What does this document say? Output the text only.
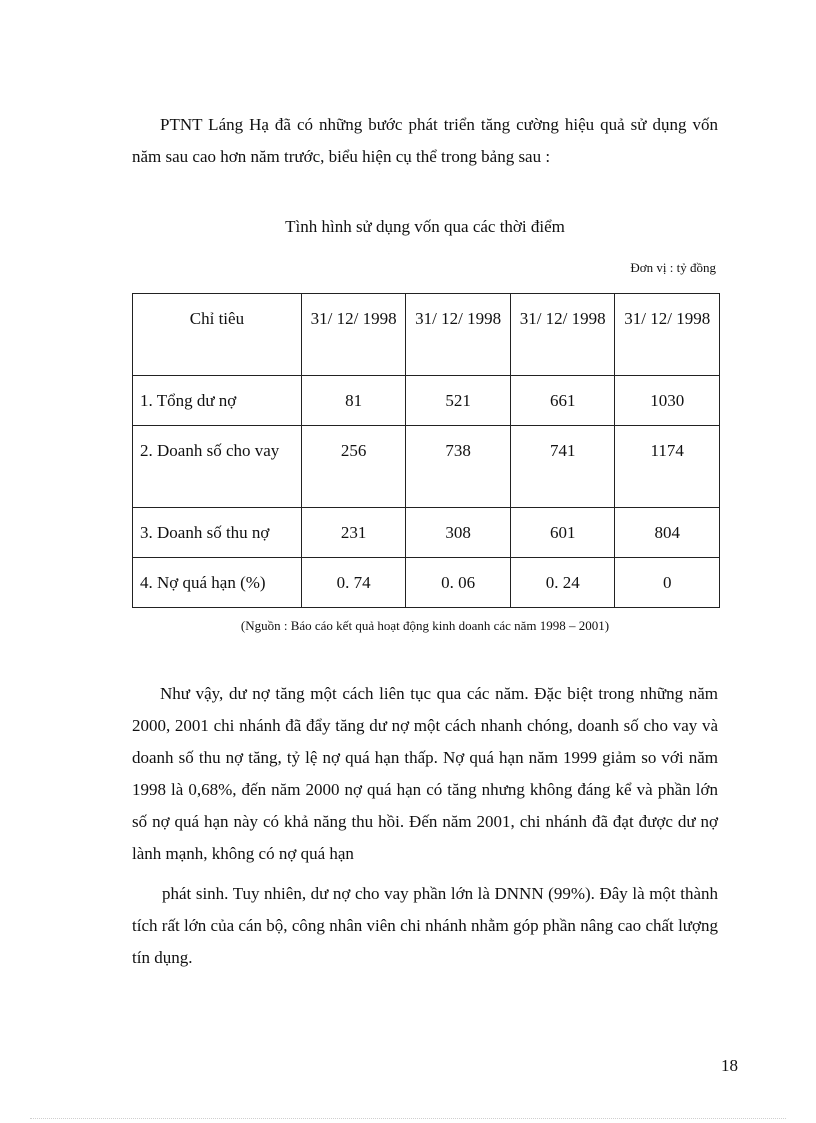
PTNT Láng Hạ đã có những bước phát triển tăng cường hiệu quả sử dụng vốn năm sau cao hơn năm trước, biểu hiện cụ thể trong bảng sau :

Tình hình sử dụng vốn qua các thời điểm
Đơn vị : tỷ đồng
Chỉ tiêu	31/ 12/ 1998	31/ 12/ 1998	31/ 12/ 1998	31/ 12/ 1998
1. Tổng dư nợ	81	521	661	1030
2. Doanh số cho vay	256	738	741	1174
3. Doanh số thu nợ	231	308	601	804
4. Nợ quá hạn (%)	0. 74	0. 06	0. 24	0
(Nguồn : Báo cáo kết quả hoạt động kinh doanh các năm 1998 – 2001)

Như vậy, dư nợ tăng một cách liên tục qua các năm. Đặc biệt trong những năm 2000, 2001 chi nhánh đã đẩy tăng dư nợ một cách nhanh chóng, doanh số cho vay và doanh số thu nợ tăng, tỷ lệ nợ quá hạn thấp. Nợ quá hạn năm 1999 giảm so với năm 1998 là 0,68%, đến năm 2000 nợ quá hạn có tăng nhưng không đáng kể và phần lớn số nợ quá hạn này có khả năng thu hồi. Đến năm 2001, chi nhánh đã đạt được dư nợ lành mạnh, không có nợ quá hạn

phát sinh. Tuy nhiên, dư nợ cho vay phần lớn là DNNN (99%). Đây là một thành tích rất lớn của cán bộ, công nhân viên chi nhánh nhằm góp phần nâng cao chất lượng tín dụng.

18
